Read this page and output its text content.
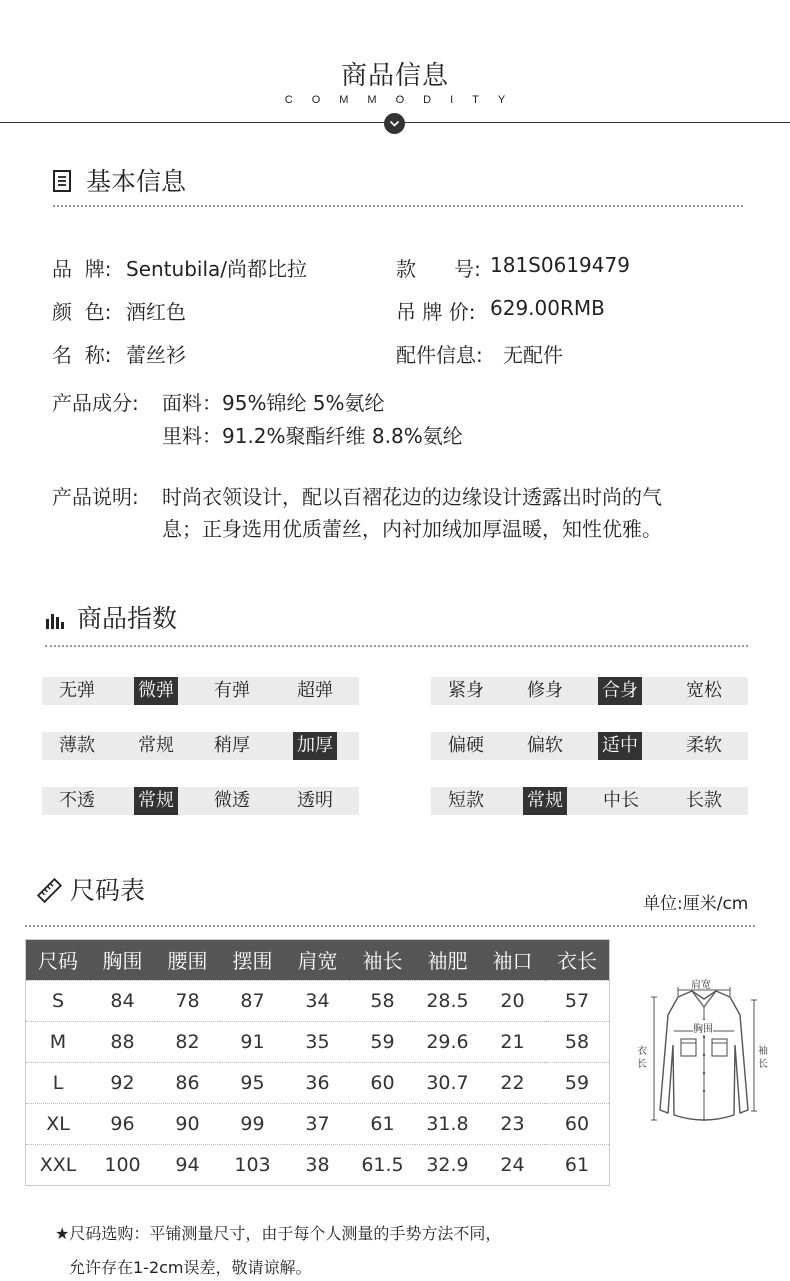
商品信息
COMMODITY
基本信息
品  牌: Sentubila/尚都比拉	款      号: 181S0619479
颜  色: 酒红色	吊 牌 价: 629.00RMB
名  称: 蕾丝衫	配件信息: 无配件
产品成分: 面料：95%锦纶 5%氨纶
里料：91.2%聚酯纤维 8.8%氨纶
产品说明: 时尚衣领设计，配以百褶花边的边缘设计透露出时尚的气
息；正身选用优质蕾丝，内衬加绒加厚温暖，知性优雅。
商品指数
无弹 微弹 有弹	超弹
薄款 常规 稍厚	加厚
不透 常规 微透	透明
紧身 修身 合身	宽松
偏硬 偏软 适中	柔软
短款 常规 中长	长款
尺码表	单位:厘米/cm
尺码	胸围	腰围	摆围	肩宽	袖长	袖肥	袖口	衣长
S	84	78	87	34	58	28.5	20	57
M	88	82	91	35	59	29.6	21	58
L	92	86	95	36	60	30.7	22	59
XL	96	90	99	37	61	31.8	23	60
XXL	100	94	103	38	61.5	32.9	24	61
肩宽
胸围
衣长
袖长
★尺码选购：平铺测量尺寸，由于每个人测量的手势方法不同，
允许存在1-2cm误差，敬请谅解。
